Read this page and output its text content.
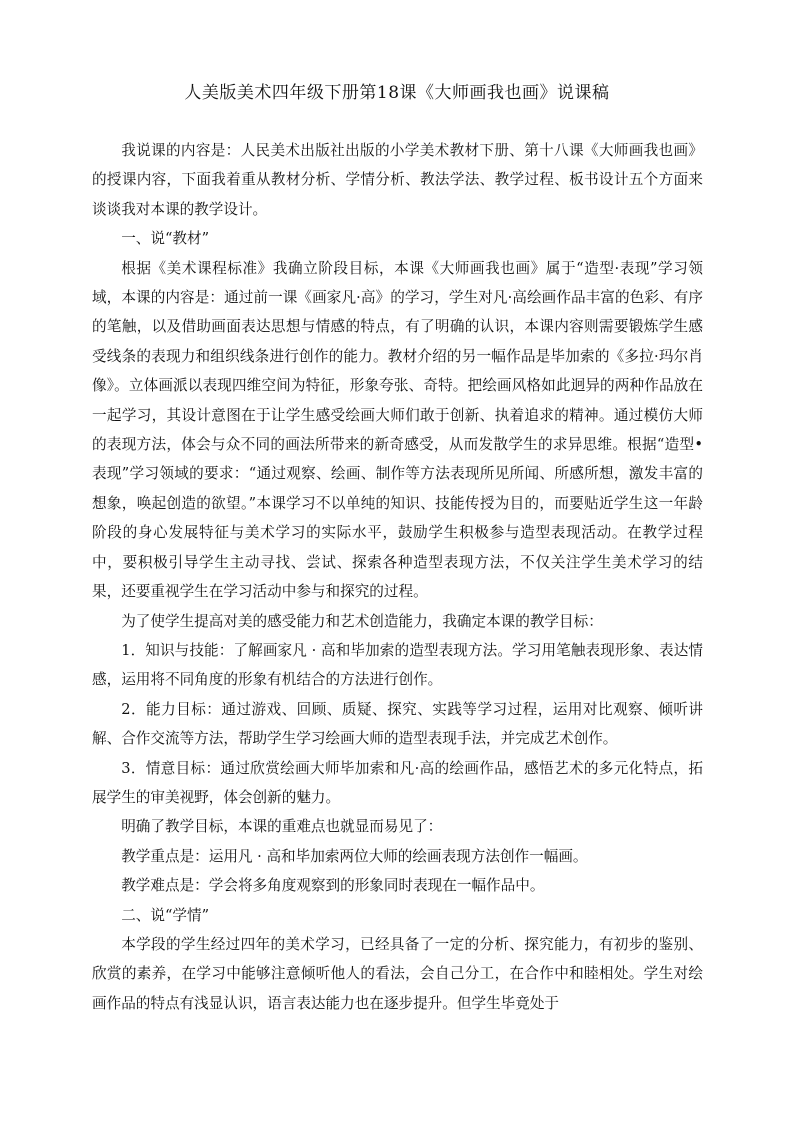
人美版美术四年级下册第18课《大师画我也画》说课稿

我说课的内容是：人民美术出版社出版的小学美术教材下册、第十八课《大师画我也画》的授课内容，下面我着重从教材分析、学情分析、教法学法、教学过程、板书设计五个方面来谈谈我对本课的教学设计。

一、说“教材”

根据《美术课程标准》我确立阶段目标，本课《大师画我也画》属于“造型·表现”学习领域，本课的内容是：通过前一课《画家凡·高》的学习，学生对凡·高绘画作品丰富的色彩、有序的笔触，以及借助画面表达思想与情感的特点，有了明确的认识，本课内容则需要锻炼学生感受线条的表现力和组织线条进行创作的能力。教材介绍的另一幅作品是毕加索的《多拉·玛尔肖像》。立体画派以表现四维空间为特征，形象夸张、奇特。把绘画风格如此迥异的两种作品放在一起学习，其设计意图在于让学生感受绘画大师们敢于创新、执着追求的精神。通过模仿大师的表现方法，体会与众不同的画法所带来的新奇感受，从而发散学生的求异思维。根据“造型•表现”学习领域的要求：“通过观察、绘画、制作等方法表现所见所闻、所感所想，激发丰富的想象，唤起创造的欲望。”本课学习不以单纯的知识、技能传授为目的，而要贴近学生这一年龄阶段的身心发展特征与美术学习的实际水平，鼓励学生积极参与造型表现活动。在教学过程中，要积极引导学生主动寻找、尝试、探索各种造型表现方法，不仅关注学生美术学习的结果，还要重视学生在学习活动中参与和探究的过程。

为了使学生提高对美的感受能力和艺术创造能力，我确定本课的教学目标：

1．知识与技能：了解画家凡 · 高和毕加索的造型表现方法。学习用笔触表现形象、表达情感，运用将不同角度的形象有机结合的方法进行创作。

2．能力目标：通过游戏、回顾、质疑、探究、实践等学习过程，运用对比观察、倾听讲解、合作交流等方法，帮助学生学习绘画大师的造型表现手法，并完成艺术创作。

3．情意目标：通过欣赏绘画大师毕加索和凡·高的绘画作品，感悟艺术的多元化特点，拓展学生的审美视野，体会创新的魅力。

明确了教学目标，本课的重难点也就显而易见了：

教学重点是：运用凡 · 高和毕加索两位大师的绘画表现方法创作一幅画。

教学难点是：学会将多角度观察到的形象同时表现在一幅作品中。

二、说“学情”

本学段的学生经过四年的美术学习，已经具备了一定的分析、探究能力，有初步的鉴别、欣赏的素养，在学习中能够注意倾听他人的看法，会自己分工，在合作中和睦相处。学生对绘画作品的特点有浅显认识，语言表达能力也在逐步提升。但学生毕竟处于
